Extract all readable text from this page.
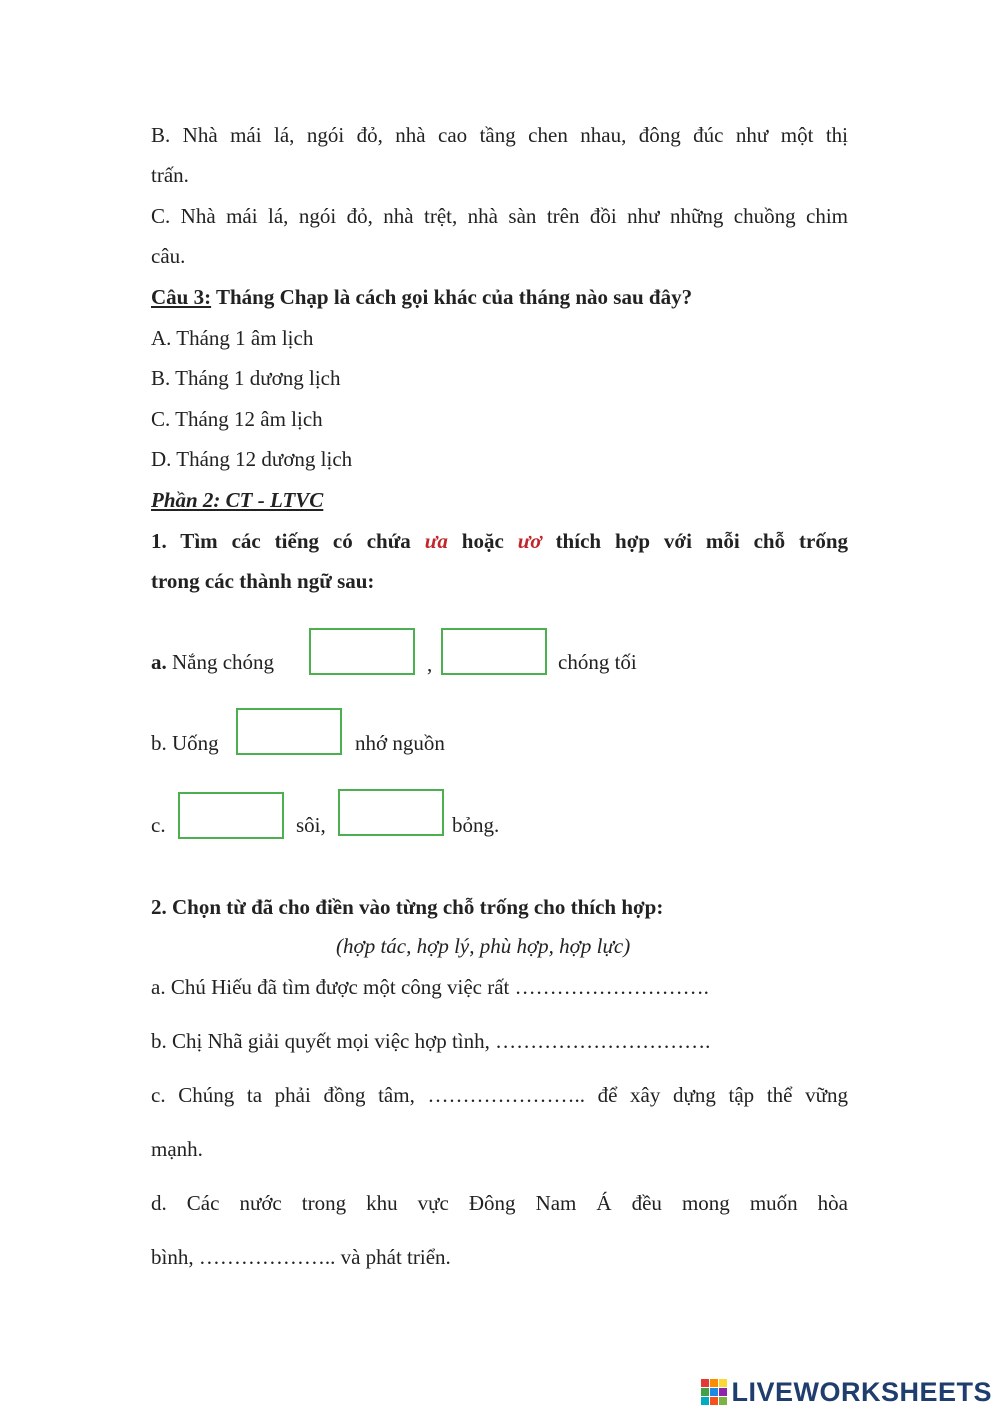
B. Nhà mái lá, ngói đỏ, nhà cao tầng chen nhau, đông đúc như một thị
trấn.
C. Nhà mái lá, ngói đỏ, nhà trệt, nhà sàn trên đồi như những chuồng chim
câu.
Câu 3: Tháng Chạp là cách gọi khác của tháng nào sau đây?
A. Tháng 1 âm lịch
B. Tháng 1 dương lịch
C. Tháng 12 âm lịch
D. Tháng 12 dương lịch
Phần 2: CT - LTVC
1. Tìm các tiếng có chứa ưa hoặc ươ thích hợp với mỗi chỗ trống
trong các thành ngữ sau:
a. Nắng chóng	,	chóng tối
b. Uống	nhớ nguồn
c.	sôi,	bỏng.
2. Chọn từ đã cho điền vào từng chỗ trống cho thích hợp:
(hợp tác, hợp lý, phù hợp, hợp lực)
a. Chú Hiếu đã tìm được một công việc rất ……………………….
b. Chị Nhã giải quyết mọi việc hợp tình, ………………………….
c. Chúng ta phải đồng tâm, ………………….. để xây dựng tập thể vững
mạnh.
d. Các nước trong khu vực Đông Nam Á đều mong muốn hòa
bình, ……………….. và phát triển.
LIVEWORKSHEETS
